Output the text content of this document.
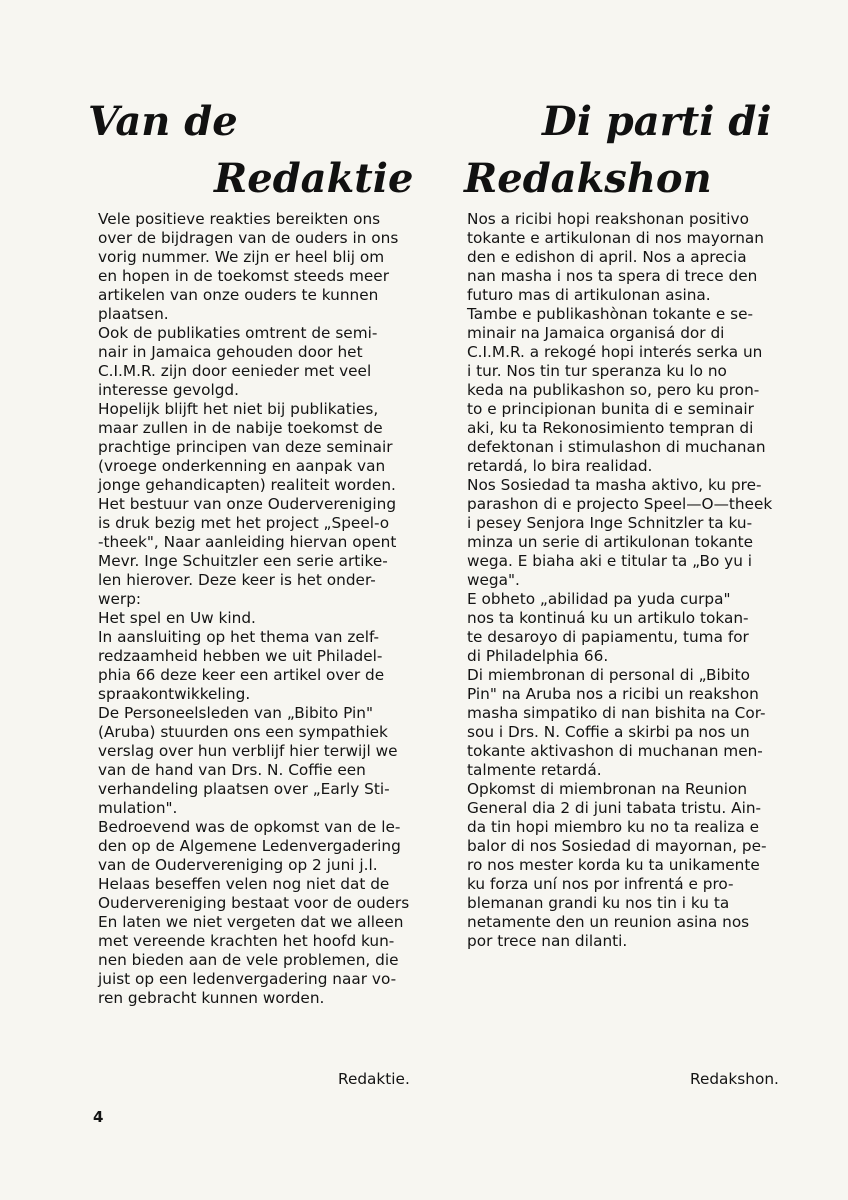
Van de
Redaktie
Di parti di
Redakshon

Vele positieve reakties bereikten ons

over de bijdragen van de ouders in ons

vorig nummer. We zijn er heel blij om

en hopen in de toekomst steeds meer

artikelen van onze ouders te kunnen

plaatsen.

Ook de publikaties omtrent de semi-

nair in Jamaica gehouden door het

C.I.M.R. zijn door eenieder met veel

interesse gevolgd.

Hopelijk blijft het niet bij publikaties,

maar zullen in de nabije toekomst de

prachtige principen van deze seminair

(vroege onderkenning en aanpak van

jonge gehandicapten) realiteit worden.

Het bestuur van onze Oudervereniging

is druk bezig met het project „Speel-o

-theek", Naar aanleiding hiervan opent

Mevr. Inge Schuitzler een serie artike-

len hierover. Deze keer is het onder-

werp:

Het spel en Uw kind.

In aansluiting op het thema van zelf-

redzaamheid hebben we uit Philadel-

phia 66 deze keer een artikel over de

spraakontwikkeling.

De Personeelsleden van „Bibito Pin"

(Aruba) stuurden ons een sympathiek

verslag over hun verblijf hier terwijl we

van de hand van Drs. N. Coffie een

verhandeling plaatsen over „Early Sti-

mulation".

Bedroevend was de opkomst van de le-

den op de Algemene Ledenvergadering

van de Oudervereniging op 2 juni j.l.

Helaas beseffen velen nog niet dat de

Oudervereniging bestaat voor de ouders

En laten we niet vergeten dat we alleen

met vereende krachten het hoofd kun-

nen bieden aan de vele problemen, die

juist op een ledenvergadering naar vo-

ren gebracht kunnen worden.

Nos a ricibi hopi reakshonan positivo

tokante e artikulonan di nos mayornan

den e edishon di april. Nos a aprecia

nan masha i nos ta spera di trece den

futuro mas di artikulonan asina.

Tambe e publikashònan tokante e se-

minair na Jamaica organisá dor di

C.I.M.R. a rekogé hopi interés serka un

i tur. Nos tin tur speranza ku lo no

keda na publikashon so, pero ku pron-

to e principionan bunita di e seminair

aki, ku ta Rekonosimiento tempran di

defektonan i stimulashon di muchanan

retardá, lo bira realidad.

Nos Sosiedad ta masha aktivo, ku pre-

parashon di e projecto Speel—O—theek

i pesey Senjora Inge Schnitzler ta ku-

minza un serie di artikulonan tokante

wega. E biaha aki e titular ta „Bo yu i

wega".

E obheto „abilidad pa yuda curpa"

nos ta kontinuá ku un artikulo tokan-

te desaroyo di papiamentu, tuma for

di Philadelphia 66.

Di miembronan di personal di „Bibito

Pin" na Aruba nos a ricibi un reakshon

masha simpatiko di nan bishita na Cor-

sou i Drs. N. Coffie a skirbi pa nos un

tokante aktivashon di muchanan men-

talmente retardá.

Opkomst di miembronan na Reunion

General dia 2 di juni tabata tristu. Ain-

da tin hopi miembro ku no ta realiza e

balor di nos Sosiedad di mayornan, pe-

ro nos mester korda ku ta unikamente

ku forza uní nos por infrentá e pro-

blemanan grandi ku nos tin i ku ta

netamente den un reunion asina nos

por trece nan dilanti.

Redaktie.	Redakshon.

4
